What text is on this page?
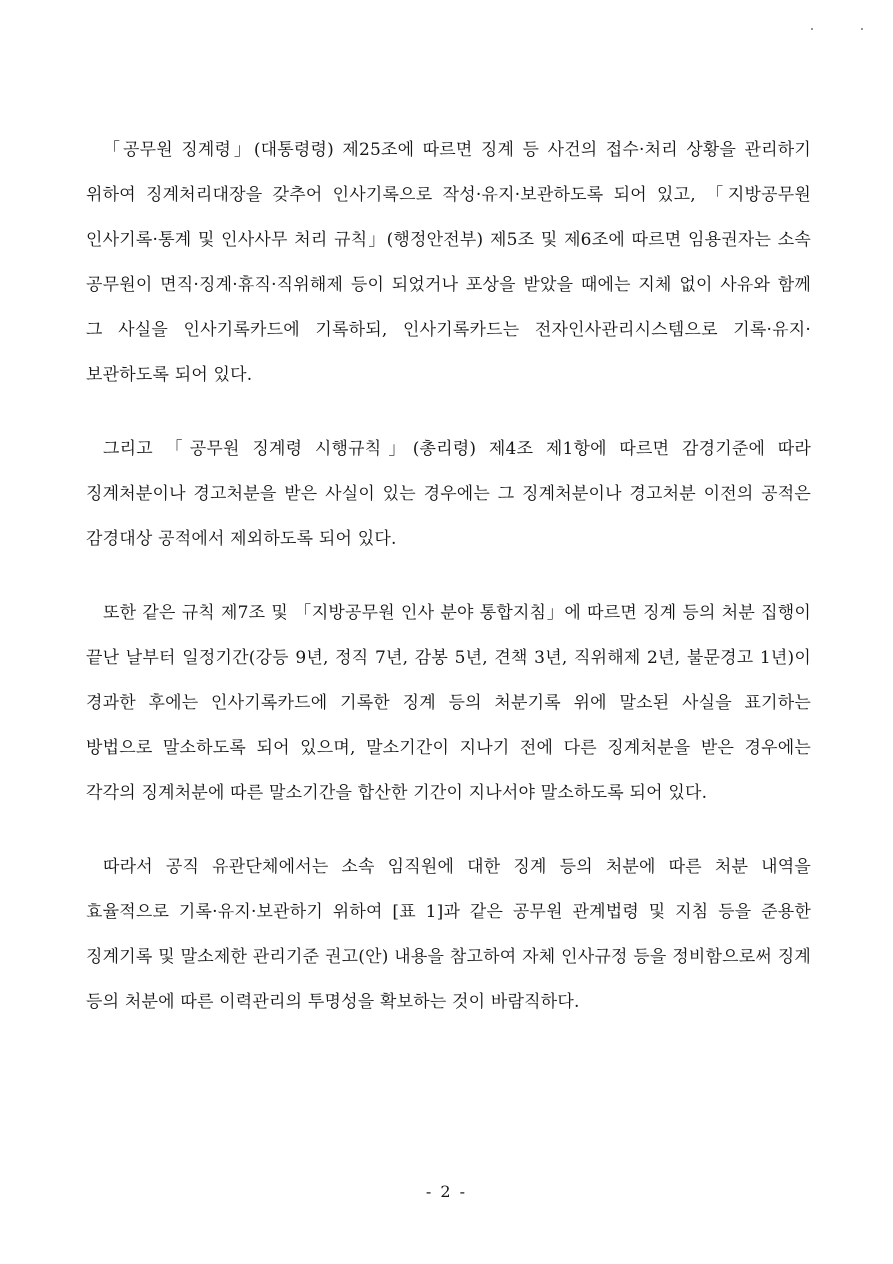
「공무원 징계령」(대통령령) 제25조에 따르면 징계 등 사건의 접수·처리 상황을 관리하기 위하여 징계처리대장을 갖추어 인사기록으로 작성·유지·보관하도록 되어 있고, 「지방공무원 인사기록·통계 및 인사사무 처리 규칙」(행정안전부) 제5조 및 제6조에 따르면 임용권자는 소속 공무원이 면직·징계·휴직·직위해제 등이 되었거나 포상을 받았을 때에는 지체 없이 사유와 함께 그 사실을 인사기록카드에 기록하되, 인사기록카드는 전자인사관리시스템으로 기록·유지·보관하도록 되어 있다.

그리고 「공무원 징계령 시행규칙」(총리령) 제4조 제1항에 따르면 감경기준에 따라 징계처분이나 경고처분을 받은 사실이 있는 경우에는 그 징계처분이나 경고처분 이전의 공적은 감경대상 공적에서 제외하도록 되어 있다.

또한 같은 규칙 제7조 및 「지방공무원 인사 분야 통합지침」에 따르면 징계 등의 처분 집행이 끝난 날부터 일정기간(강등 9년, 정직 7년, 감봉 5년, 견책 3년, 직위해제 2년, 불문경고 1년)이 경과한 후에는 인사기록카드에 기록한 징계 등의 처분기록 위에 말소된 사실을 표기하는 방법으로 말소하도록 되어 있으며, 말소기간이 지나기 전에 다른 징계처분을 받은 경우에는 각각의 징계처분에 따른 말소기간을 합산한 기간이 지나서야 말소하도록 되어 있다.

따라서 공직 유관단체에서는 소속 임직원에 대한 징계 등의 처분에 따른 처분 내역을 효율적으로 기록·유지·보관하기 위하여 [표 1]과 같은 공무원 관계법령 및 지침 등을 준용한 징계기록 및 말소제한 관리기준 권고(안) 내용을 참고하여 자체 인사규정 등을 정비함으로써 징계 등의 처분에 따른 이력관리의 투명성을 확보하는 것이 바람직하다.

- 2 -
